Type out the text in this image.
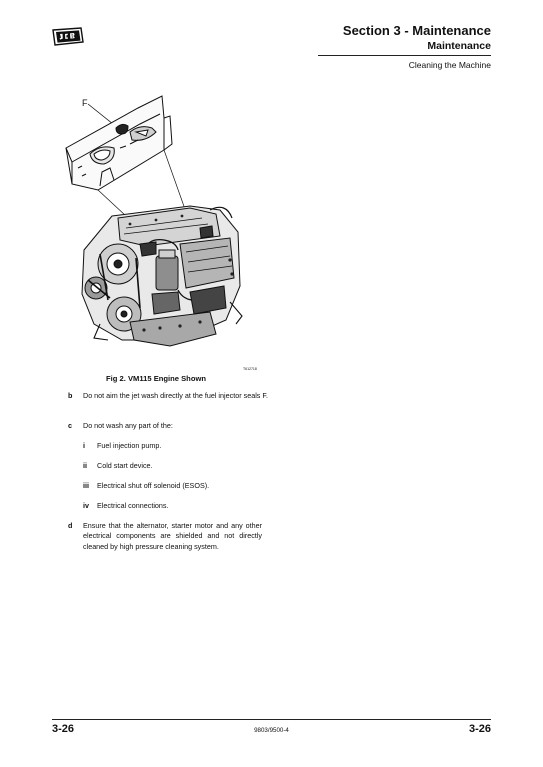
Section 3 - Maintenance
Maintenance
Cleaning the Machine
F
T612718
Fig 2. VM115 Engine Shown
b Do not aim the jet wash directly at the fuel injector seals F.
c Do not wash any part of the:
i Fuel injection pump.
ii Cold start device.
iii Electrical shut off solenoid (ESOS).
iv Electrical connections.
d Ensure that the alternator, starter motor and any other electrical components are shielded and not directly cleaned by high pressure cleaning system.
3-26	9803/9500-4	3-26
